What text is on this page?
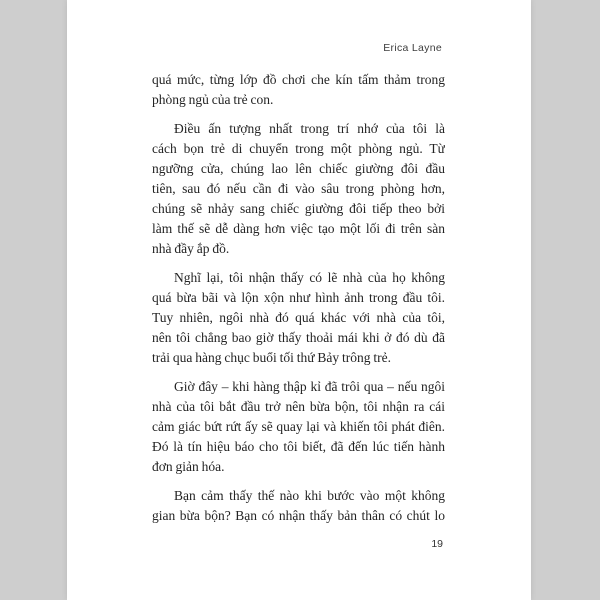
Erica Layne
quá mức, từng lớp đồ chơi che kín tấm thảm trong
phòng ngủ của trẻ con.
Điều ấn tượng nhất trong trí nhớ của tôi là
cách bọn trẻ di chuyển trong một phòng ngủ. Từ
ngưỡng cửa, chúng lao lên chiếc giường đôi đầu
tiên, sau đó nếu cần đi vào sâu trong phòng hơn,
chúng sẽ nhảy sang chiếc giường đôi tiếp theo bởi
làm thế sẽ dễ dàng hơn việc tạo một lối đi trên sàn
nhà đầy ắp đồ.
Nghĩ lại, tôi nhận thấy có lẽ nhà của họ không
quá bừa bãi và lộn xộn như hình ảnh trong đầu tôi.
Tuy nhiên, ngôi nhà đó quá khác với nhà của tôi,
nên tôi chẳng bao giờ thấy thoải mái khi ở đó dù đã
trải qua hàng chục buổi tối thứ Bảy trông trẻ.
Giờ đây – khi hàng thập kỉ đã trôi qua – nếu ngôi
nhà của tôi bắt đầu trở nên bừa bộn, tôi nhận ra cái
cảm giác bứt rứt ấy sẽ quay lại và khiến tôi phát điên.
Đó là tín hiệu báo cho tôi biết, đã đến lúc tiến hành
đơn giản hóa.
Bạn cảm thấy thế nào khi bước vào một không
gian bừa bộn? Bạn có nhận thấy bản thân có chút lo
19
